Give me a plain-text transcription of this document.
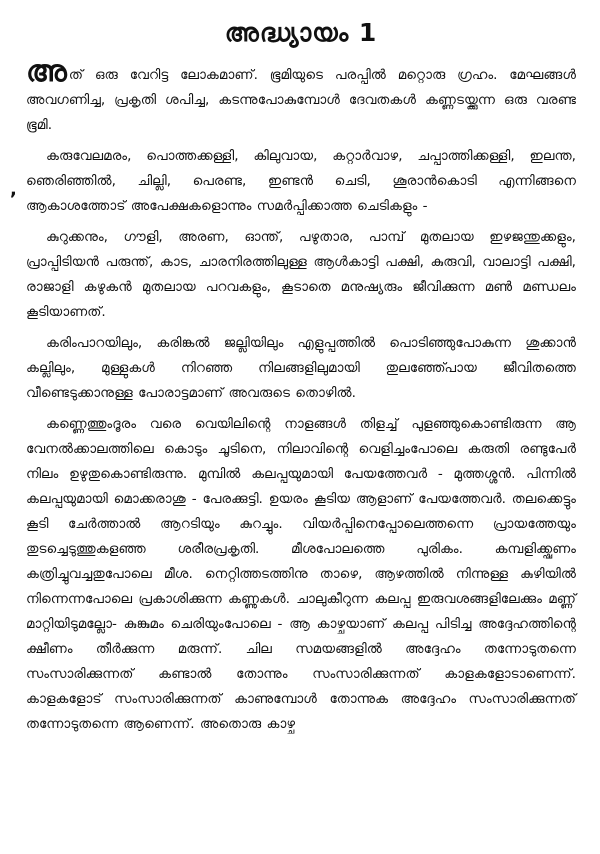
,
അദ്ധ്യായം 1

അത് ഒരു വേറിട്ട ലോകമാണ്. ഭൂമിയുടെ പരപ്പിൽ മറ്റൊരു ഗ്രഹം. മേഘങ്ങൾ അവഗണിച്ച, പ്രകൃതി ശപിച്ച, കടന്നുപോകുമ്പോൾ ദേവതകൾ കണ്ണടയ്ക്കുന്ന ഒരു വരണ്ട ഭൂമി.

കരുവേലമരം, പൊത്തക്കള്ളി, കിലുവായ, കറ്റാർവാഴ, ചപ്പാത്തിക്കള്ളി, ഇലന്ത, ഞെരിഞ്ഞിൽ, ചില്ലി, പെരണ്ട, ഇണ്ടൻ ചെടി, ശൂരാൻകൊടി എന്നിങ്ങനെ ആകാശത്തോട് അപേക്ഷകളൊന്നും സമർപ്പിക്കാത്ത ചെടികളും -

കുറുക്കനും, ഗൗളി, അരണ, ഓന്ത്, പഴുതാര, പാമ്പ് മുതലായ ഇഴജന്തുക്കളും, പ്രാപ്പിടിയൻ പരുന്ത്, കാട, ചാരനിരത്തിലുള്ള ആൾകാട്ടി പക്ഷി, കുരുവി, വാലാട്ടി പക്ഷി, രാജാളി കഴുകൻ മുതലായ പറവകളും, കൂടാതെ മനുഷ്യരും ജീവിക്കുന്ന മൺ മണ്ഡലം കൂടിയാണത്.

കരിംപാറയിലും, കരിങ്കൽ ജല്ലിയിലും എളുപ്പത്തിൽ പൊടിഞ്ഞുപോകുന്ന ശുക്കാൻ കല്ലിലും, മുള്ളുകൾ നിറഞ്ഞ നിലങ്ങളിലുമായി തുലഞ്ഞ്പോയ ജീവിതത്തെ വീണ്ടെടുക്കാനുള്ള പോരാട്ടമാണ് അവരുടെ തൊഴിൽ.

കണ്ണെത്തുംദൂരം വരെ വെയിലിന്റെ നാളങ്ങൾ തിളച്ച് പുളഞ്ഞുകൊണ്ടിരുന്ന ആ വേനൽക്കാലത്തിലെ കൊടും ചൂടിനെ, നിലാവിന്റെ വെളിച്ചംപോലെ കരുതി രണ്ടുപേർ നിലം ഉഴുതുകൊണ്ടിരുന്നു. മുമ്പിൽ കലപ്പയുമായി പേയത്തേവർ - മുത്തശ്ശൻ. പിന്നിൽ കലപ്പയുമായി മൊക്കരാശു - പേരക്കുട്ടി. ഉയരം കൂടിയ ആളാണ് പേയത്തേവർ. തലക്കെട്ടും കൂടി ചേർത്താൽ ആറടിയും കുറച്ചും. വിയർപ്പിനെപ്പോലെത്തന്നെ പ്രായത്തേയും തുടച്ചെടുത്തുകളഞ്ഞ ശരീരപ്രകൃതി. മീശപോലത്തെ പുരികം. കമ്പളിക്ക്ഷണം കത്രിച്ചുവച്ചതുപോലെ മീശ. നെറ്റിത്തടത്തിനു താഴെ, ആഴത്തിൽ നിന്നുള്ള കുഴിയിൽ നിന്നെന്നപോലെ പ്രകാശിക്കുന്ന കണ്ണുകൾ. ചാലുകീറുന്ന കലപ്പ ഇരുവശങ്ങളിലേക്കും മണ്ണ് മാറ്റിയിടുമല്ലോ- കുങ്കുമം ചെരിയുംപോലെ - ആ കാഴ്ചയാണ് കലപ്പ പിടിച്ച അദ്ദേഹത്തിന്റെ ക്ഷീണം തീർക്കുന്ന മരുന്ന്. ചില സമയങ്ങളിൽ അദ്ദേഹം തന്നോടുതന്നെ സംസാരിക്കുന്നത് കണ്ടാൽ തോന്നും സംസാരിക്കുന്നത് കാളകളോടാണെന്ന്. കാളകളോട് സംസാരിക്കുന്നത് കാണുമ്പോൾ തോന്നുക അദ്ദേഹം സംസാരിക്കുന്നത് തന്നോടുതന്നെ ആണെന്ന്. അതൊരു കാഴ്ച
